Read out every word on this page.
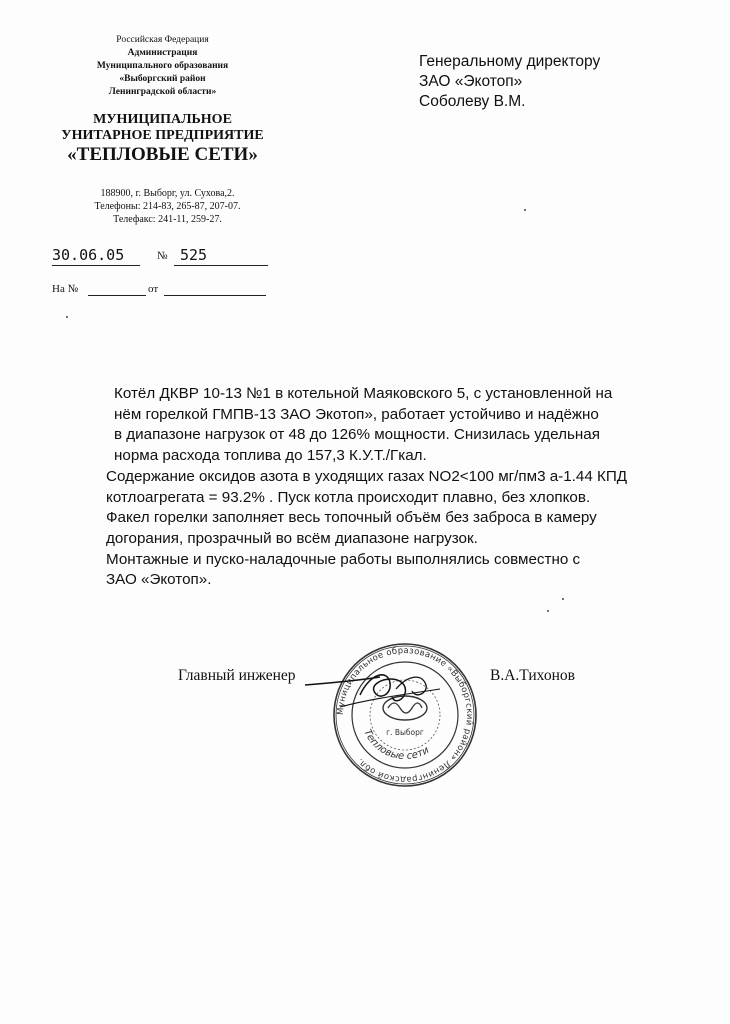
Российская Федерация
Администрация
Муниципального образования
«Выборгский район
Ленинградской области»
МУНИЦИПАЛЬНОЕ
УНИТАРНОЕ ПРЕДПРИЯТИЕ
«ТЕПЛОВЫЕ СЕТИ»
188900, г. Выборг, ул. Сухова,2.
Телефоны: 214-83, 265-87, 207-07.
Телефакс: 241-11, 259-27.
30.06.05	№ 525
На №	от
Генеральному директору
ЗАО «Экотоп»
Соболеву В.М.
Котёл ДКВР 10-13 №1 в котельной Маяковского 5, с установленной на
нём горелкой ГМПВ-13 ЗАО Экотоп», работает устойчиво и надёжно
в диапазоне нагрузок от 48 до 126% мощности. Снизилась удельная
норма расхода топлива до 157,3 К.У.Т./Гкал.
Содержание оксидов азота в уходящих газах NO2<100 мг/пм3 а-1.44 КПД
котлоагрегата = 93.2% . Пуск котла происходит плавно, без хлопков.
Факел горелки заполняет весь топочный объём без заброса в камеру
догорания, прозрачный во всём диапазоне нагрузок.
Монтажные и пуско-наладочные работы выполнялись совместно с
ЗАО «Экотоп».
Главный инженер	В.А.Тихонов
Муниципальное образование «Выборгский район» Ленинградской обл.
Тепловые сети
г. Выборг
